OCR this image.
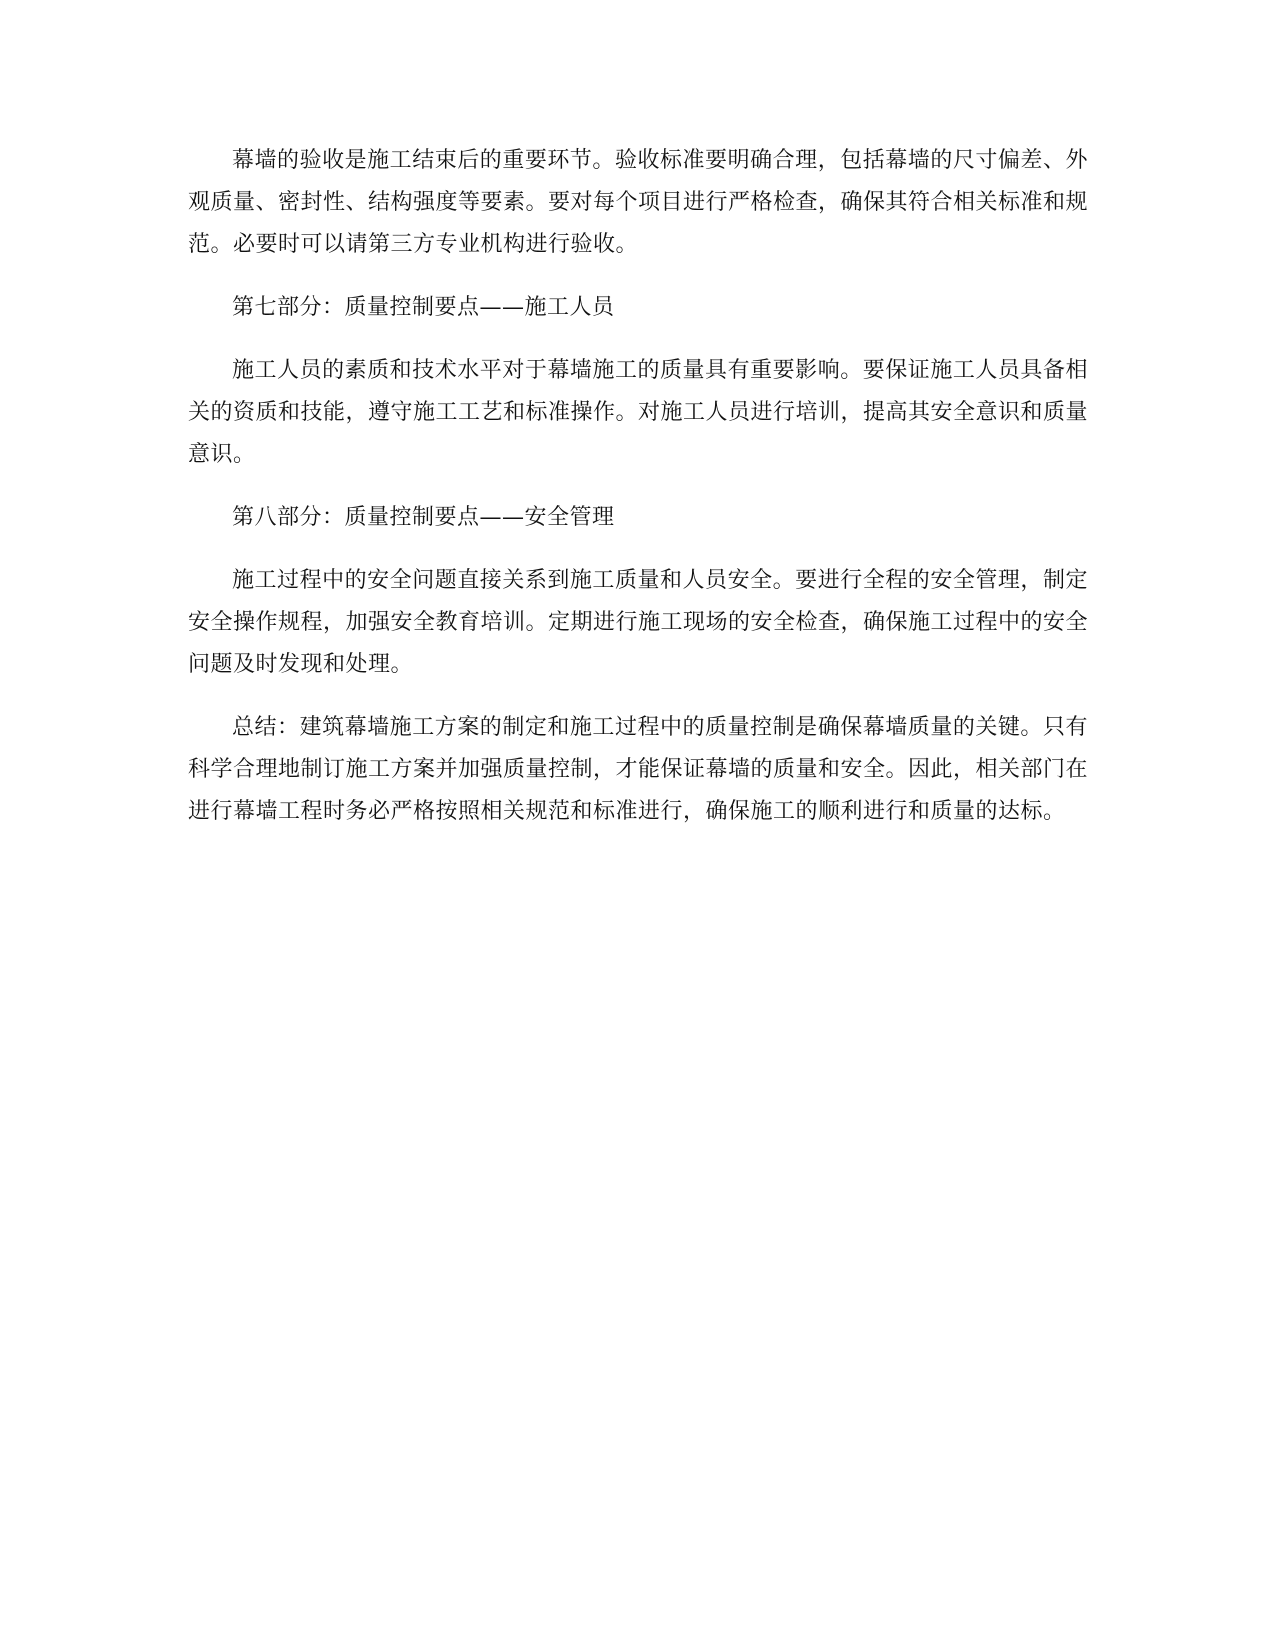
幕墙的验收是施工结束后的重要环节。验收标准要明确合理，包括幕墙的尺寸偏差、外观质量、密封性、结构强度等要素。要对每个项目进行严格检查，确保其符合相关标准和规范。必要时可以请第三方专业机构进行验收。

第七部分：质量控制要点——施工人员

施工人员的素质和技术水平对于幕墙施工的质量具有重要影响。要保证施工人员具备相关的资质和技能，遵守施工工艺和标准操作。对施工人员进行培训，提高其安全意识和质量意识。

第八部分：质量控制要点——安全管理

施工过程中的安全问题直接关系到施工质量和人员安全。要进行全程的安全管理，制定安全操作规程，加强安全教育培训。定期进行施工现场的安全检查，确保施工过程中的安全问题及时发现和处理。

总结：建筑幕墙施工方案的制定和施工过程中的质量控制是确保幕墙质量的关键。只有科学合理地制订施工方案并加强质量控制，才能保证幕墙的质量和安全。因此，相关部门在进行幕墙工程时务必严格按照相关规范和标准进行，确保施工的顺利进行和质量的达标。
